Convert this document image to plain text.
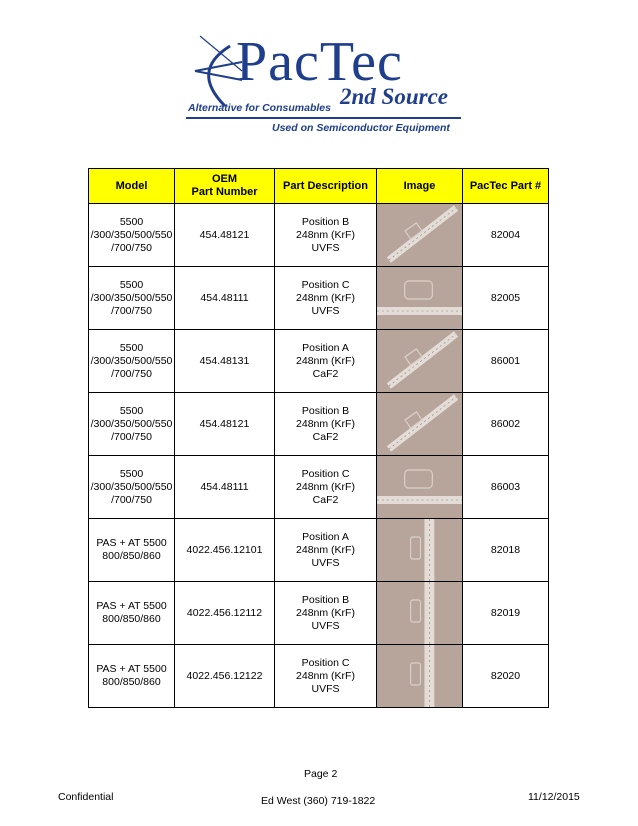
PacTec
2nd Source
Alternative for Consumables
Used on Semiconductor Equipment
Model	OEM
Part Number	Part Description	Image	PacTec Part #
5500
/300/350/500/550
/700/750	454.48121	Position B
248nm (KrF)
UVFS		82004
5500
/300/350/500/550
/700/750	454.48111	Position C
248nm (KrF)
UVFS		82005
5500
/300/350/500/550
/700/750	454.48131	Position A
248nm (KrF)
CaF2		86001
5500
/300/350/500/550
/700/750	454.48121	Position B
248nm (KrF)
CaF2		86002
5500
/300/350/500/550
/700/750	454.48111	Position C
248nm (KrF)
CaF2		86003
PAS + AT 5500
800/850/860	4022.456.12101	Position A
248nm (KrF)
UVFS		82018
PAS + AT 5500
800/850/860	4022.456.12112	Position B
248nm (KrF)
UVFS		82019
PAS + AT 5500
800/850/860	4022.456.12122	Position C
248nm (KrF)
UVFS		82020
Page 2
Confidential	Ed West (360) 719-1822	11/12/2015
